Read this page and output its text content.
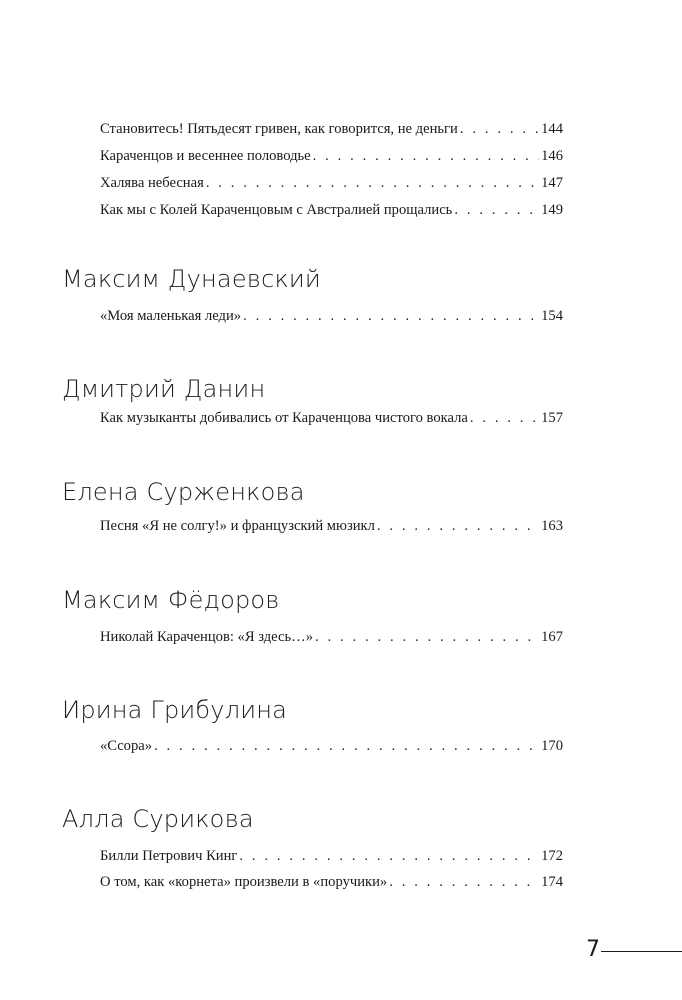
Становитесь! Пятьдесят гривен, как говорится, не деньги . . .	144
Караченцов и весеннее половодье . . .	146
Халява небесная . . .	147
Как мы с Колей Караченцовым с Австралией прощались . . .	149
Максим Дунаевский
«Моя маленькая леди» . . .	154
Дмитрий Данин
Как музыканты добивались от Караченцова чистого вокала . . .	157
Елена Сурженкова
Песня «Я не солгу!» и французский мюзикл . . .	163
Максим Фёдоров
Николай Караченцов: «Я здесь…» . . .	167
Ирина Грибулина
«Ссора» . . .	170
Алла Сурикова
Билли Петрович Кинг . . .	172
О том, как «корнета» произвели в «поручики» . . .	174
7
